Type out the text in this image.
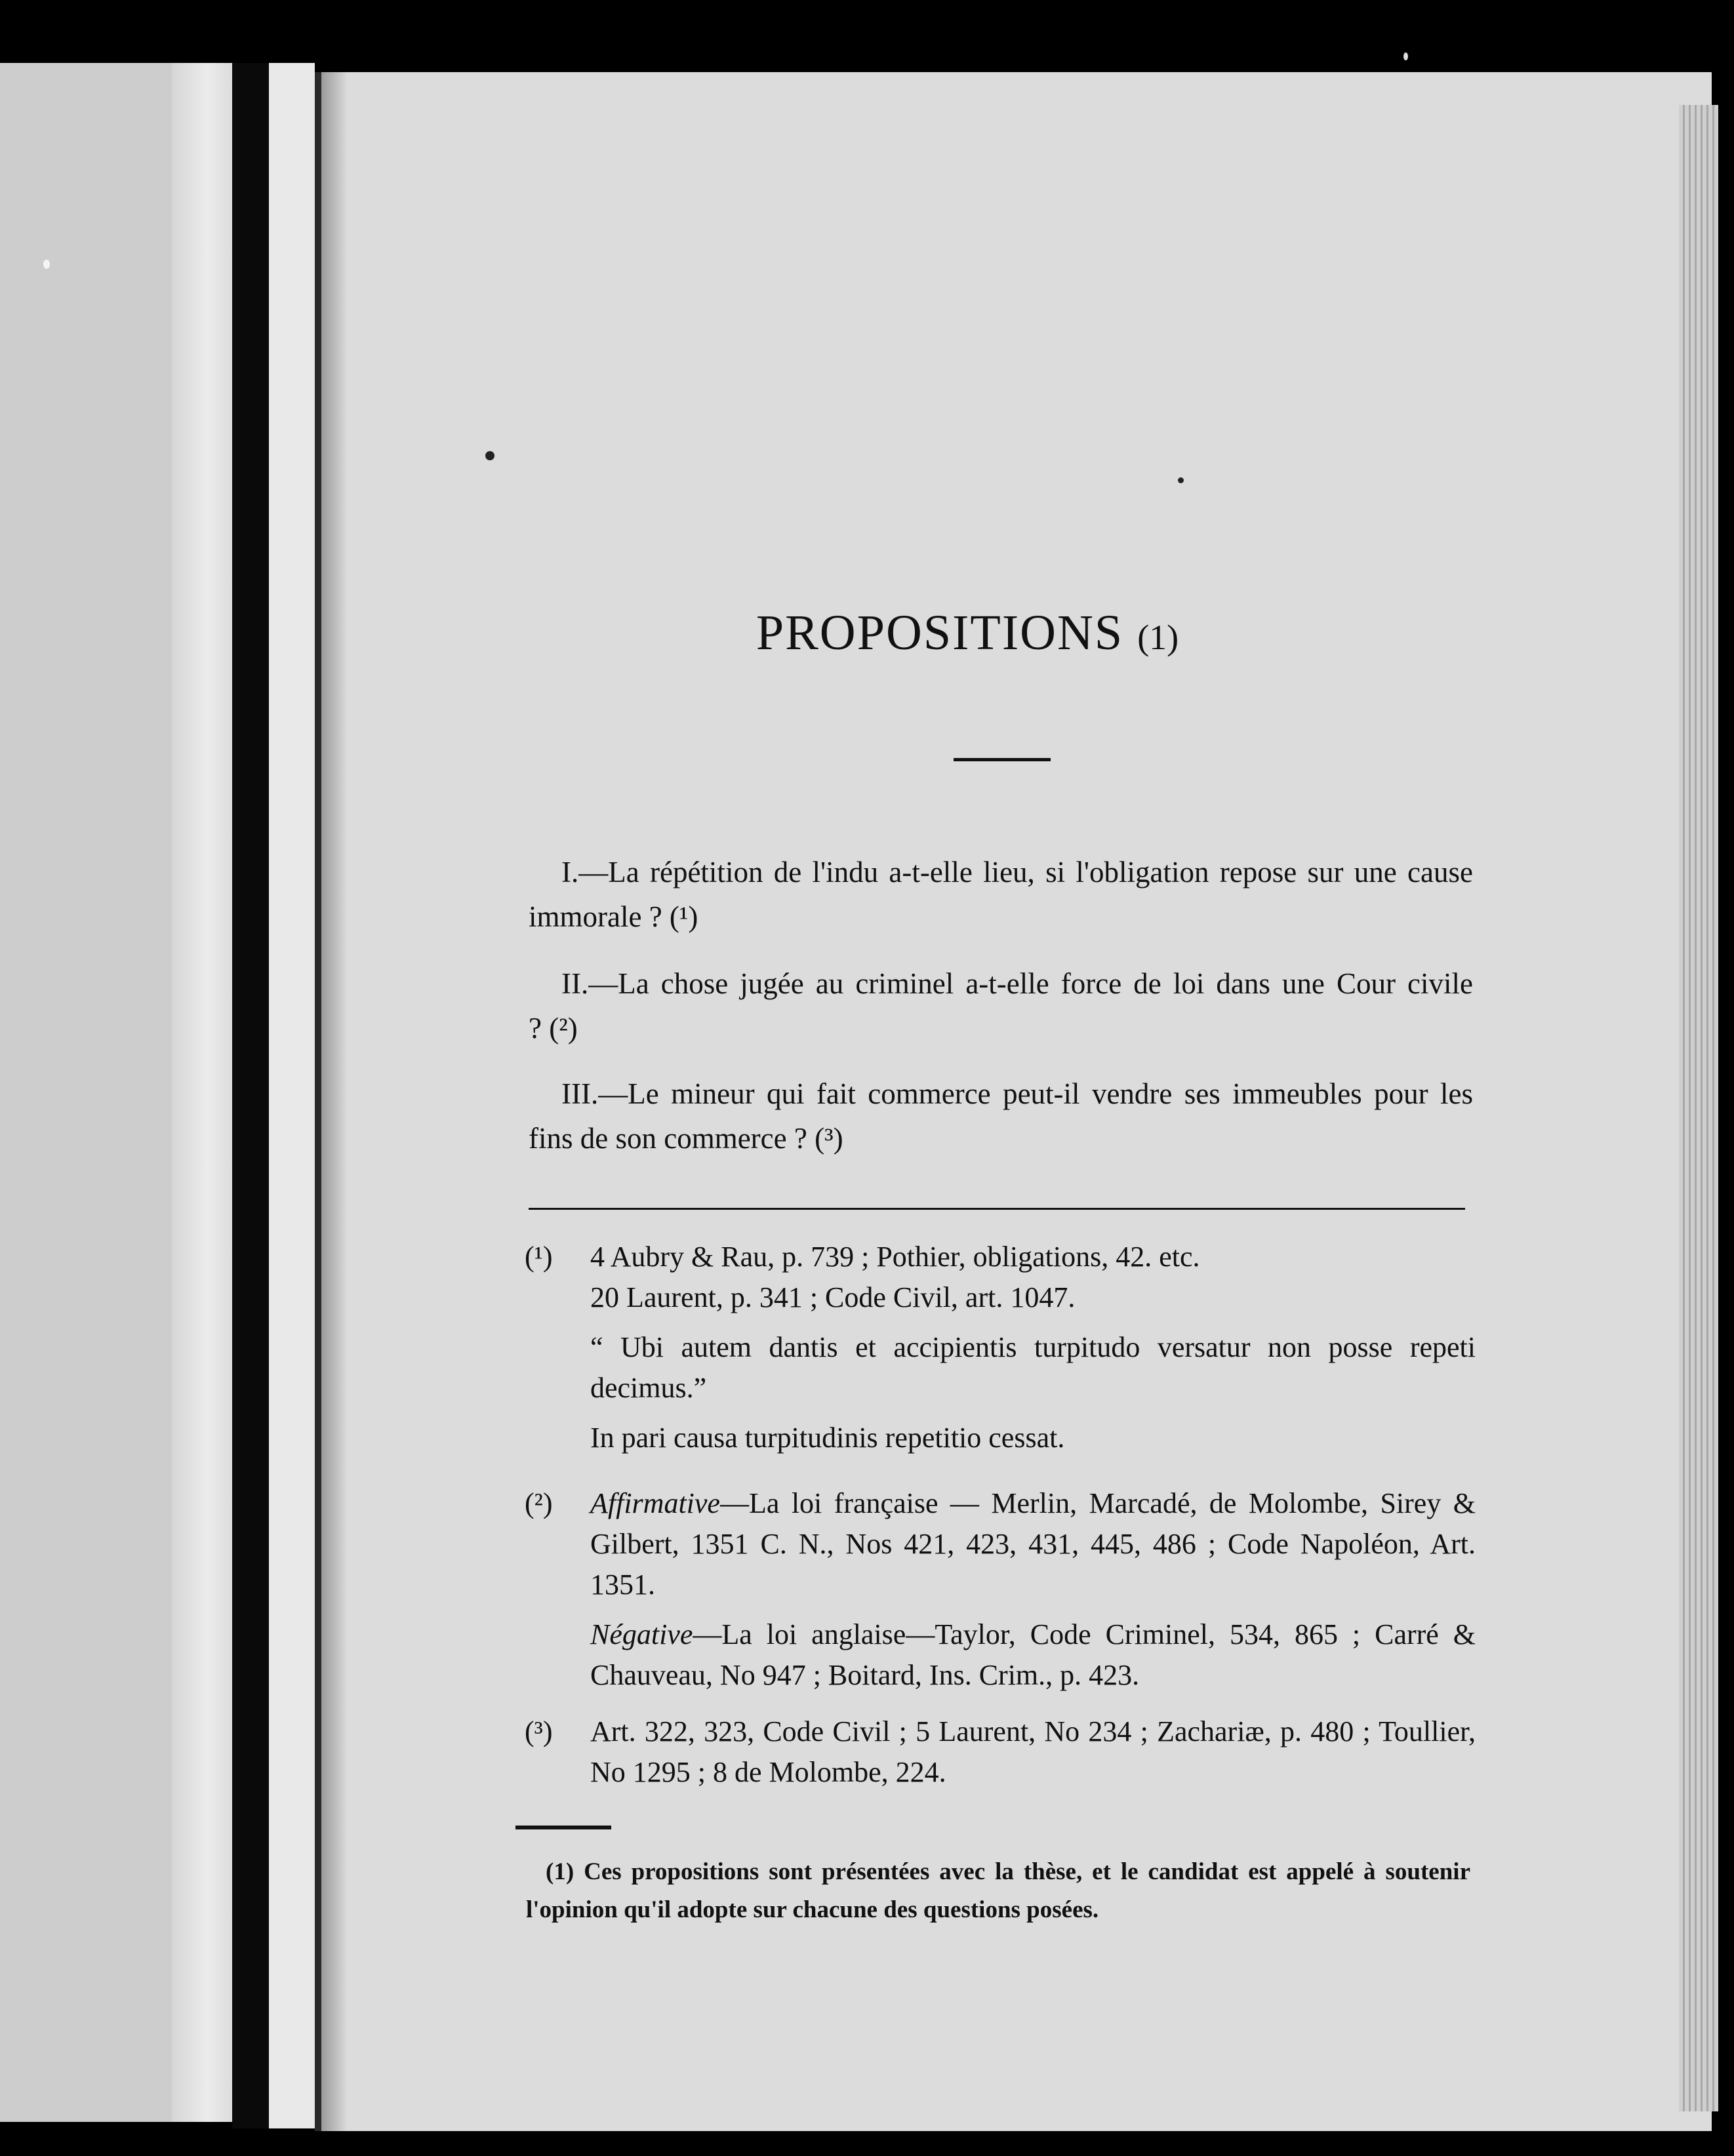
PROPOSITIONS (1)
I.—La répétition de l'indu a-t-elle lieu, si l'obligation repose sur une cause immorale ? (¹)
II.—La chose jugée au criminel a-t-elle force de loi dans une Cour civile ? (²)
III.—Le mineur qui fait commerce peut-il vendre ses immeubles pour les fins de son commerce ? (³)
(¹) 4 Aubry & Rau, p. 739 ; Pothier, obligations, 42. etc.

20 Laurent, p. 341 ; Code Civil, art. 1047.

“ Ubi autem dantis et accipientis turpitudo versatur non posse repeti decimus.”

In pari causa turpitudinis repetitio cessat.

(²) Affirmative—La loi française — Merlin, Marcadé, de Molombe, Sirey & Gilbert, 1351 C. N., Nos 421, 423, 431, 445, 486 ; Code Napoléon, Art. 1351.

Négative—La loi anglaise—Taylor, Code Criminel, 534, 865 ; Carré & Chauveau, No 947 ; Boitard, Ins. Crim., p. 423.

(³) Art. 322, 323, Code Civil ; 5 Laurent, No 234 ; Zachariæ, p. 480 ; Toullier, No 1295 ; 8 de Molombe, 224.

(1) Ces propositions sont présentées avec la thèse, et le candidat est appelé à soutenir l'opinion qu'il adopte sur chacune des questions posées.
